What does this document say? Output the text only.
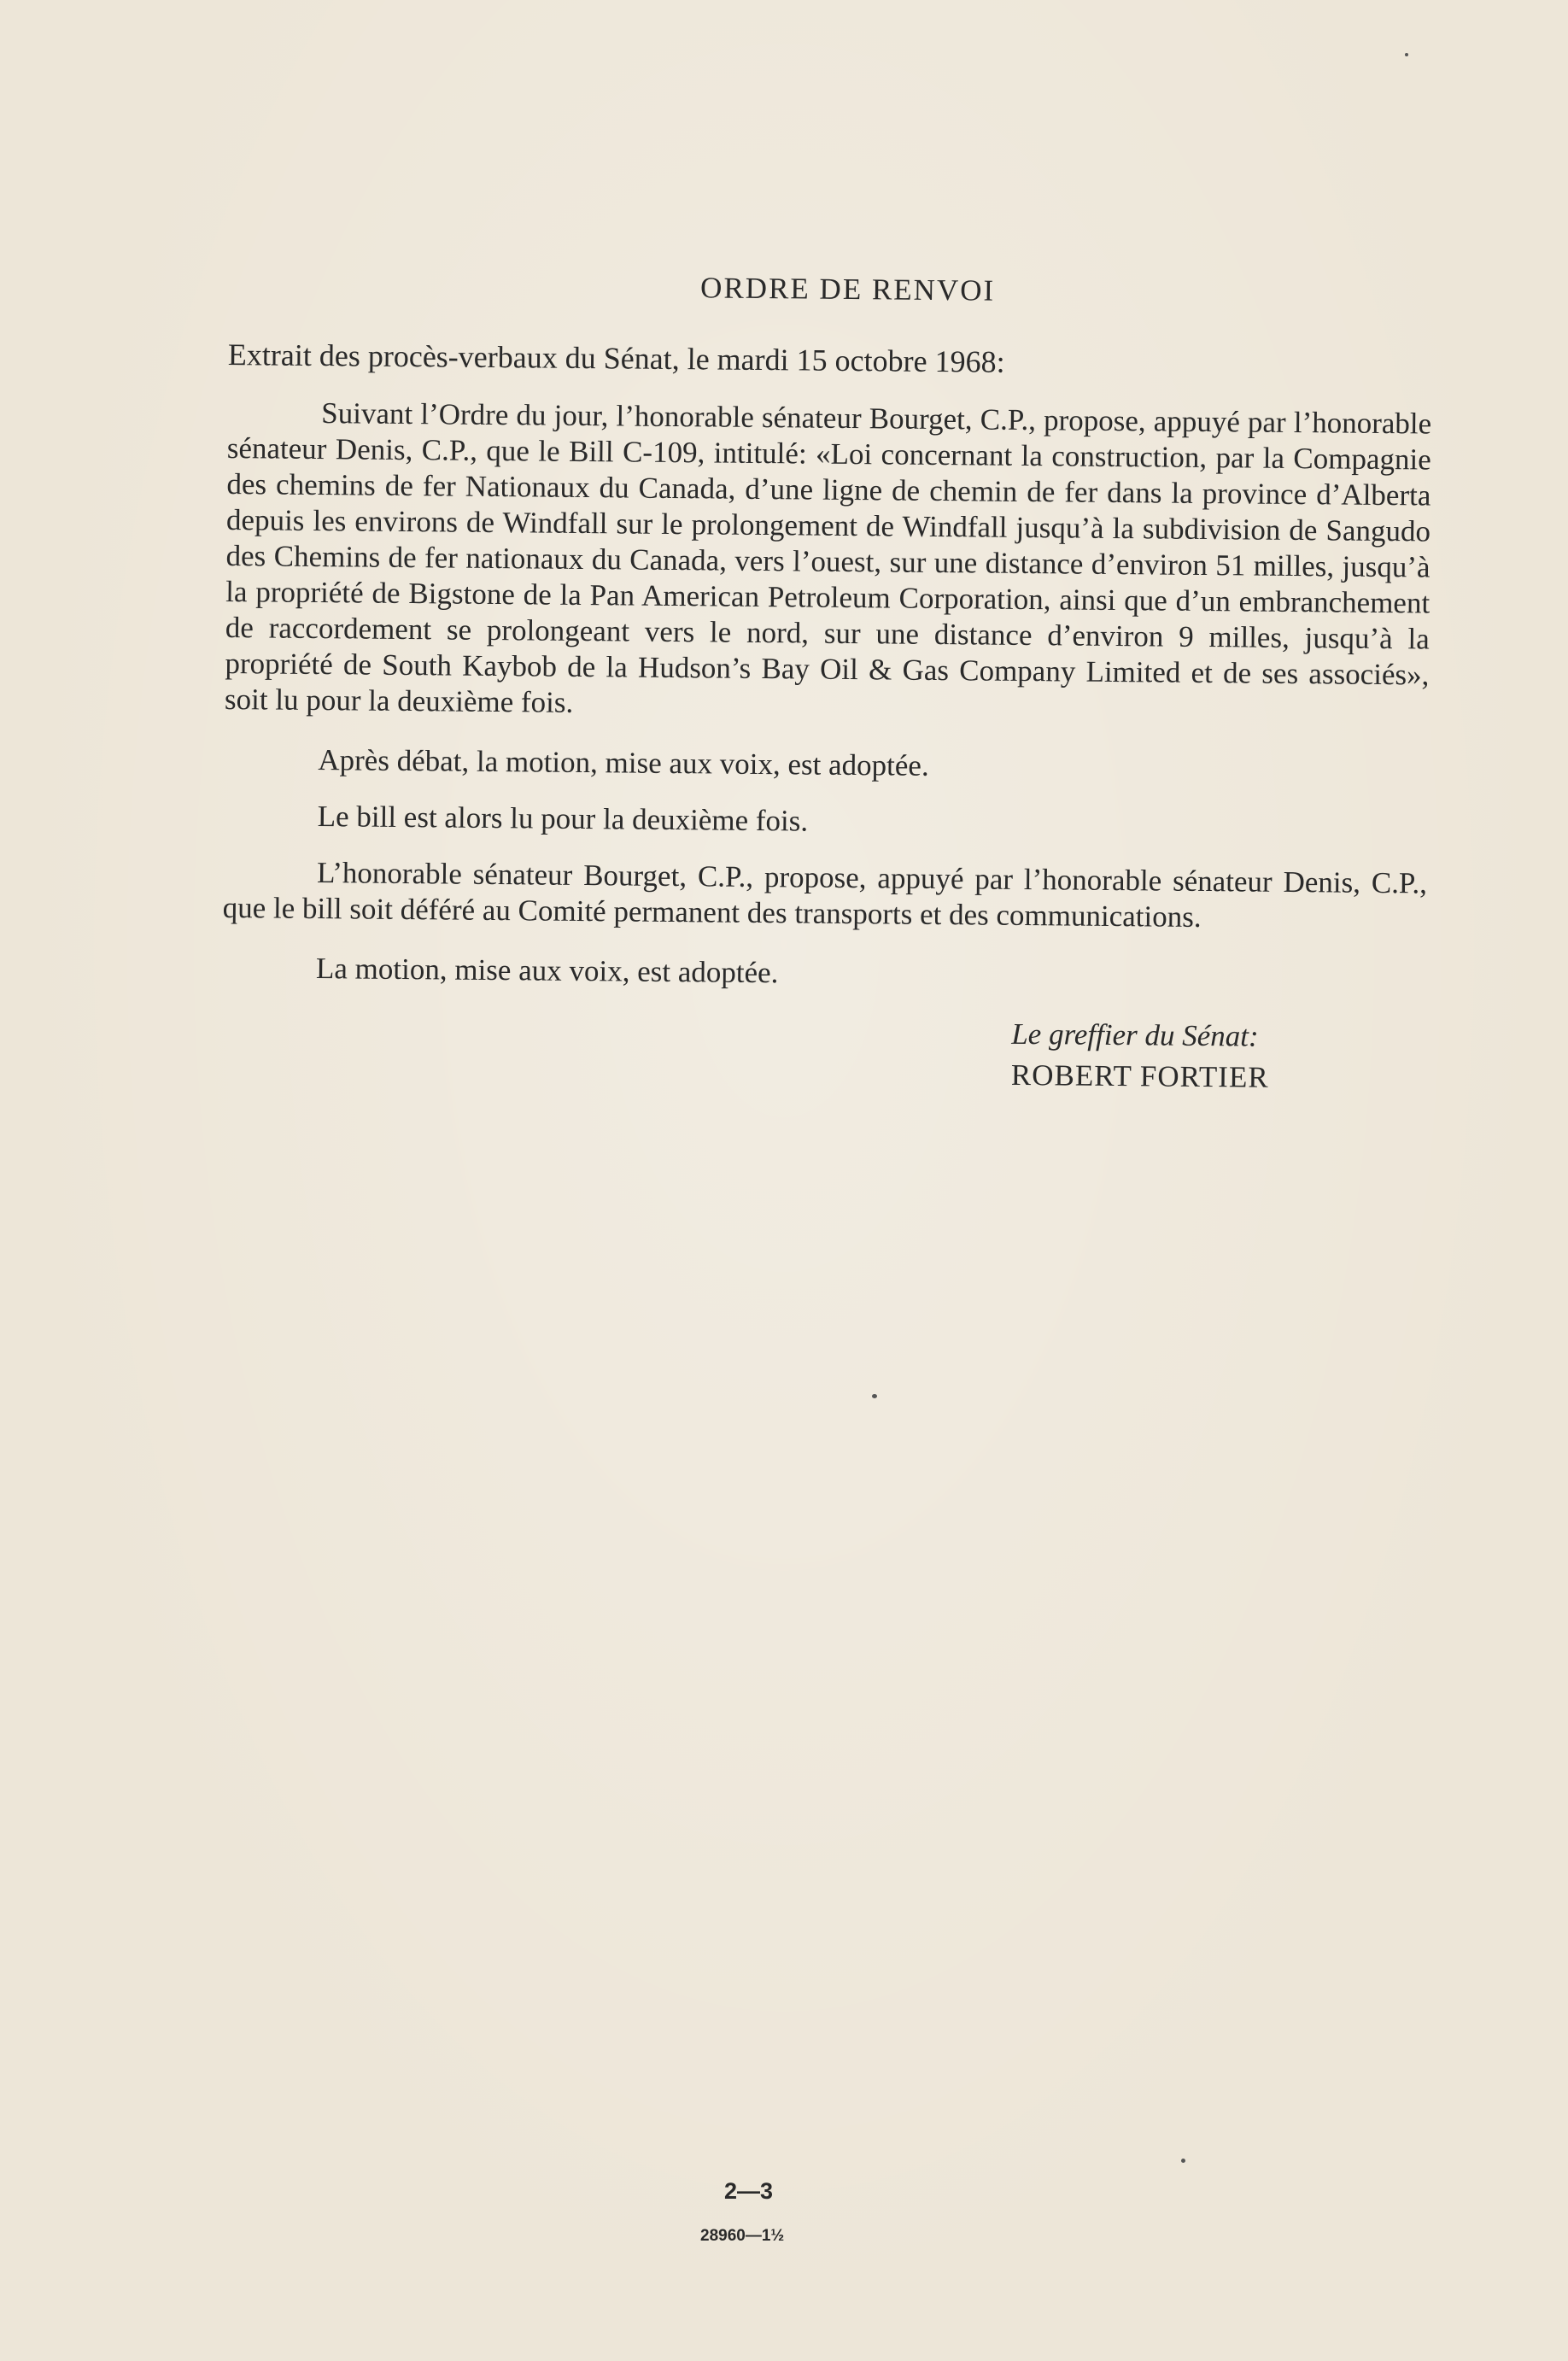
ORDRE DE RENVOI
Extrait des procès-verbaux du Sénat, le mardi 15 octobre 1968:

Suivant l’Ordre du jour, l’honorable sénateur Bourget, C.P., propose, appuyé par l’honorable sénateur Denis, C.P., que le Bill C-109, intitulé: «Loi concernant la construction, par la Compagnie des chemins de fer Nationaux du Canada, d’une ligne de chemin de fer dans la province d’Alberta depuis les environs de Windfall sur le prolongement de Windfall jusqu’à la subdivision de Sangudo des Chemins de fer nationaux du Canada, vers l’ouest, sur une distance d’environ 51 milles, jusqu’à la propriété de Bigstone de la Pan American Petroleum Corporation, ainsi que d’un embranchement de raccordement se prolongeant vers le nord, sur une distance d’environ 9 milles, jusqu’à la propriété de South Kaybob de la Hudson’s Bay Oil & Gas Company Limited et de ses associés», soit lu pour la deuxième fois.

Après débat, la motion, mise aux voix, est adoptée.

Le bill est alors lu pour la deuxième fois.

L’honorable sénateur Bourget, C.P., propose, appuyé par l’honorable sénateur Denis, C.P., que le bill soit déféré au Comité permanent des transports et des communications.

La motion, mise aux voix, est adoptée.

Le greffier du Sénat:
ROBERT FORTIER
2—3
28960—1½
